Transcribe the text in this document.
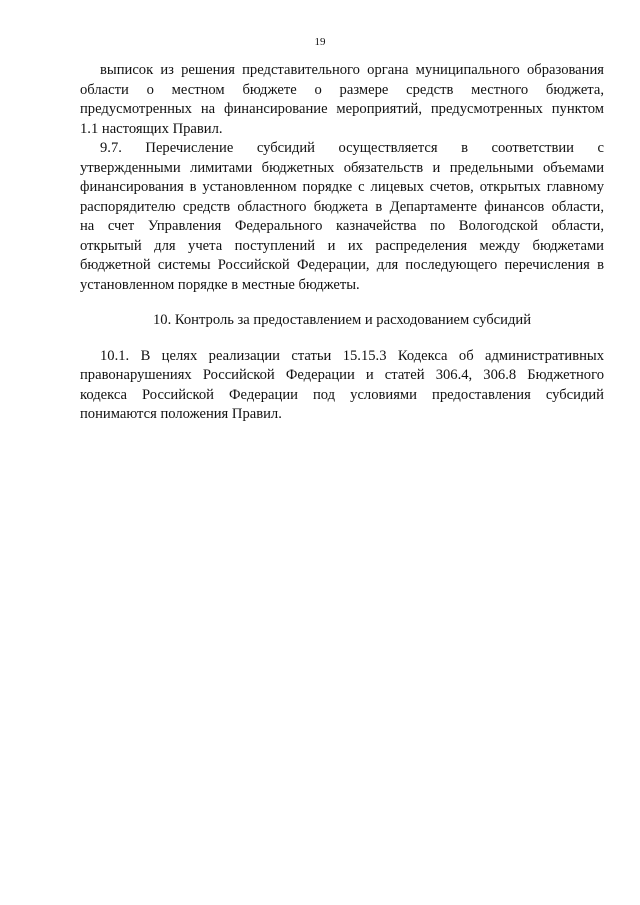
19
выписок из решения представительного органа муниципального образования
области о местном бюджете о размере средств местного бюджета,
предусмотренных на финансирование мероприятий, предусмотренных пунктом
1.1 настоящих Правил.
9.7. Перечисление субсидий осуществляется в соответствии с
утвержденными лимитами бюджетных обязательств и предельными объемами
финансирования в установленном порядке с лицевых счетов, открытых главному
распорядителю средств областного бюджета в Департаменте финансов области,
на счет Управления Федерального казначейства по Вологодской области,
открытый для учета поступлений и их распределения между бюджетами
бюджетной системы Российской Федерации, для последующего перечисления в
установленном порядке в местные бюджеты.
10. Контроль за предоставлением и расходованием субсидий
10.1. В целях реализации статьи 15.15.3 Кодекса об административных
правонарушениях Российской Федерации и статей 306.4, 306.8 Бюджетного
кодекса Российской Федерации под условиями предоставления субсидий
понимаются положения Правил.
